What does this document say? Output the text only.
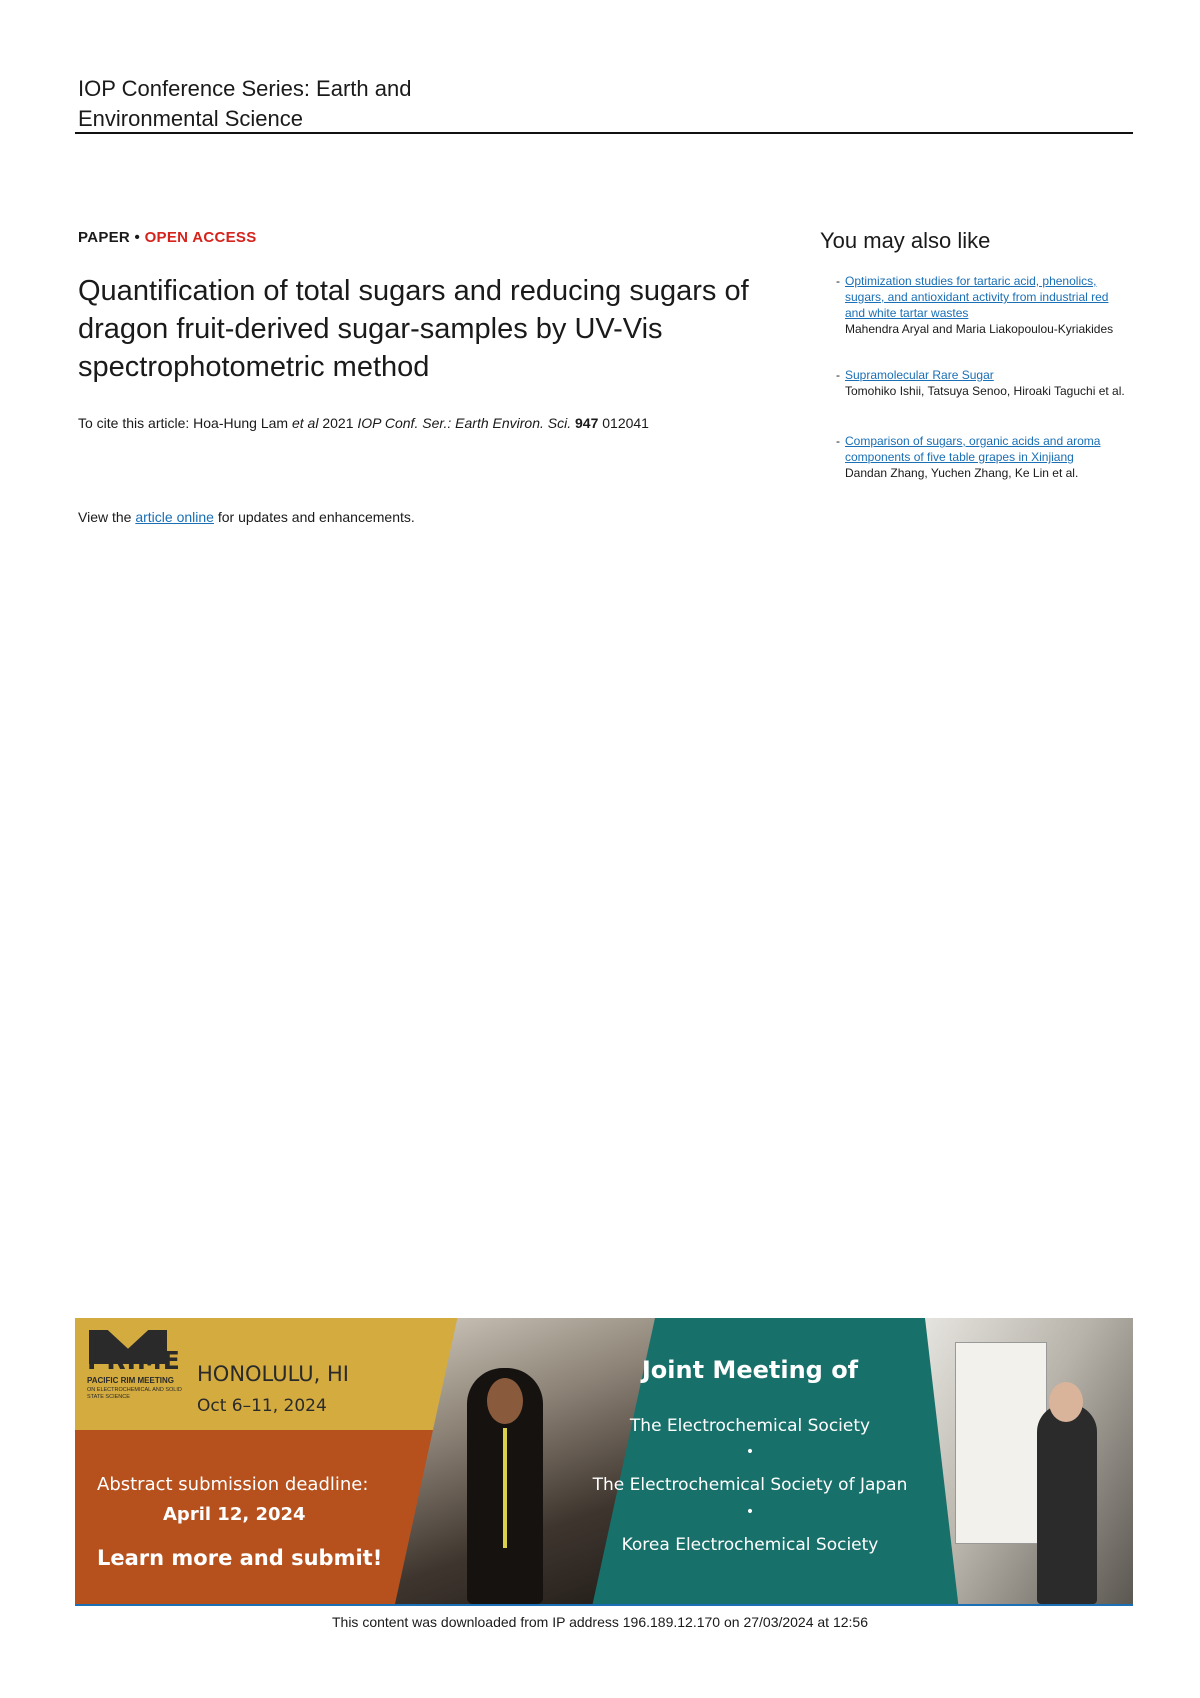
IOP Conference Series: Earth and Environmental Science
PAPER • OPEN ACCESS
Quantification of total sugars and reducing sugars of dragon fruit-derived sugar-samples by UV-Vis spectrophotometric method
To cite this article: Hoa-Hung Lam et al 2021 IOP Conf. Ser.: Earth Environ. Sci. 947 012041
View the article online for updates and enhancements.
You may also like
- Optimization studies for tartaric acid, phenolics, sugars, and antioxidant activity from industrial red and white tartar wastes
Mahendra Aryal and Maria Liakopoulou-Kyriakides
- Supramolecular Rare Sugar
Tomohiko Ishii, Tatsuya Senoo, Hiroaki Taguchi et al.
- Comparison of sugars, organic acids and aroma components of five table grapes in Xinjiang
Dandan Zhang, Yuchen Zhang, Ke Lin et al.
PRIME
PACIFIC RIM MEETING
ON ELECTROCHEMICAL AND SOLID STATE SCIENCE
HONOLULU, HI
Oct 6–11, 2024
Abstract submission deadline:
April 12, 2024
Learn more and submit!
Joint Meeting of
The Electrochemical Society
•
The Electrochemical Society of Japan
•
Korea Electrochemical Society
This content was downloaded from IP address 196.189.12.170 on 27/03/2024 at 12:56
